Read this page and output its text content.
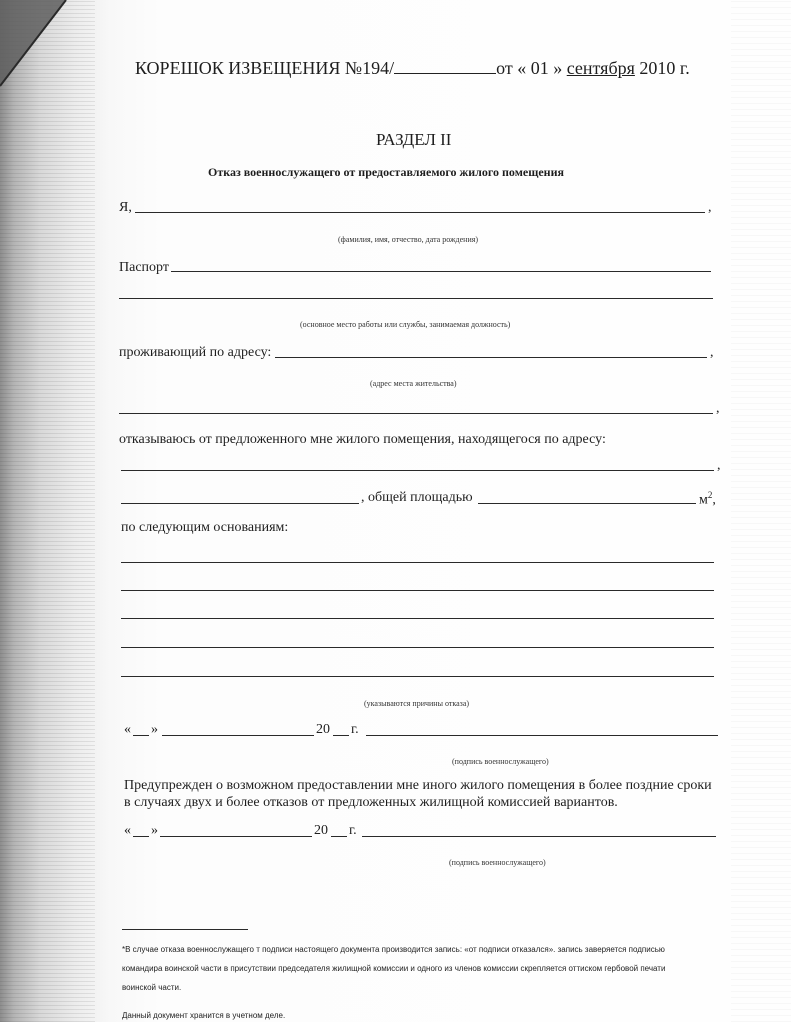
КОРЕШОК ИЗВЕЩЕНИЯ №194/	от « 01 » сентября 2010 г.
РАЗДЕЛ II
Отказ военнослужащего от предоставляемого жилого помещения
Я,	,
(фамилия, имя, отчество, дата рождения)
Паспорт
(основное место работы или службы, занимаемая должность)
проживающий по адресу:	,
(адрес места жительства)
,
отказываюсь от предложенного мне жилого помещения, находящегося по адресу:
,
, общей площадью	$м^2$,
по следующим основаниям:
(указываются причины отказа)
« »	20 г.
(подпись военнослужащего)
Предупрежден о возможном предоставлении мне иного жилого помещения в более поздние сроки
в случаях двух и более отказов от предложенных жилищной комиссией вариантов.
« »	20 г.
(подпись военнослужащего)
*В случае отказа военнослужащего т подписи настоящего документа производится запись: «от подписи отказался». запись заверяется подписью
командира воинской части в присутствии председателя жилищной комиссии и одного из членов комиссии скрепляется оттиском гербовой печати
воинской части.
Данный документ хранится в учетном деле.
